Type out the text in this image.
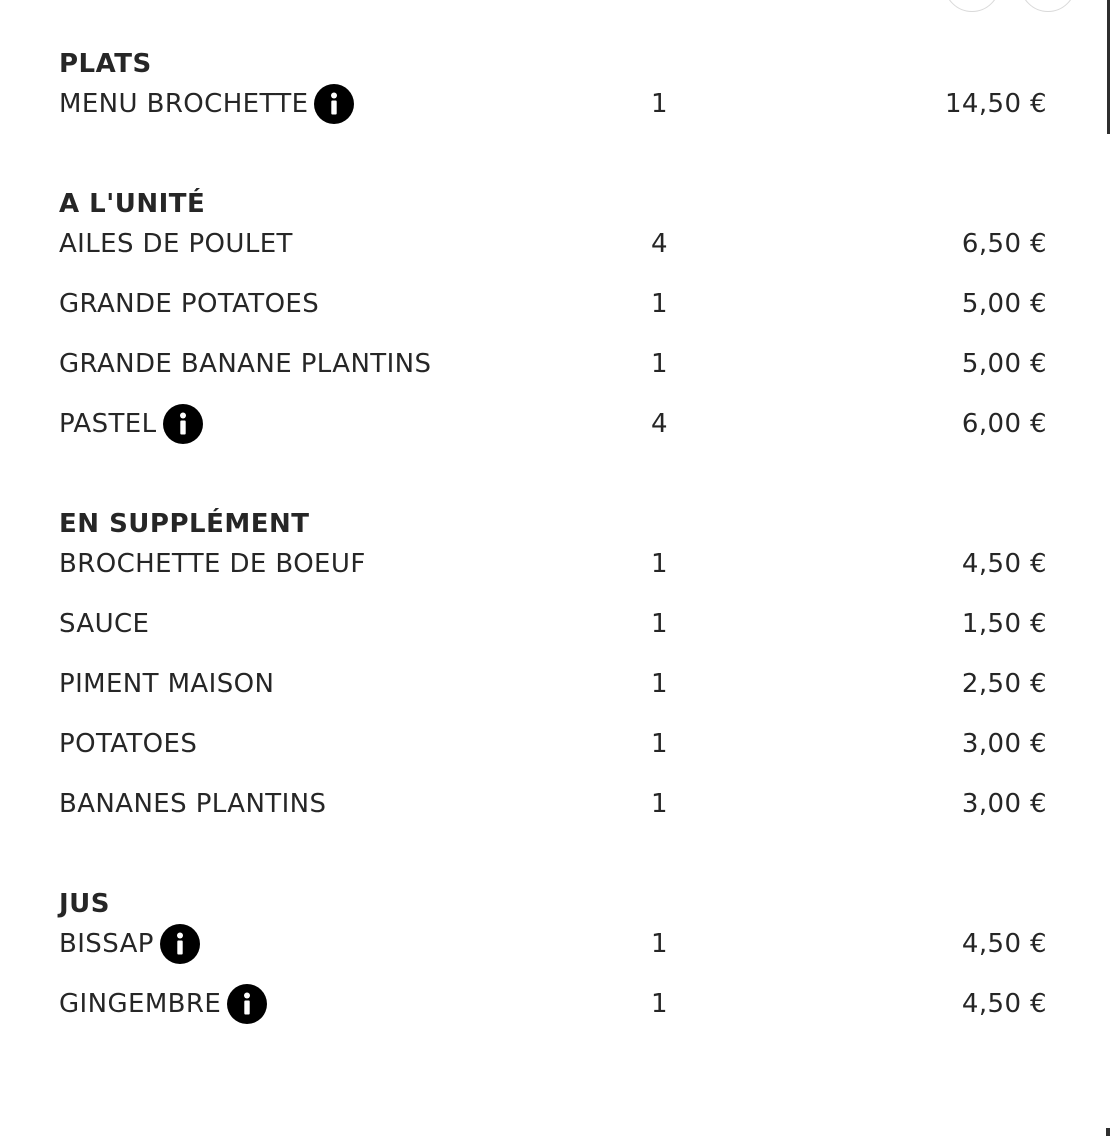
PLATS
MENU BROCHETTE	1	14,50 €
A L'UNITÉ
AILES DE POULET	4	6,50 €
GRANDE POTATOES	1	5,00 €
GRANDE BANANE PLANTINS	1	5,00 €
PASTEL	4	6,00 €
EN SUPPLÉMENT
BROCHETTE DE BOEUF	1	4,50 €
SAUCE	1	1,50 €
PIMENT MAISON	1	2,50 €
POTATOES	1	3,00 €
BANANES PLANTINS	1	3,00 €
JUS
BISSAP	1	4,50 €
GINGEMBRE	1	4,50 €
